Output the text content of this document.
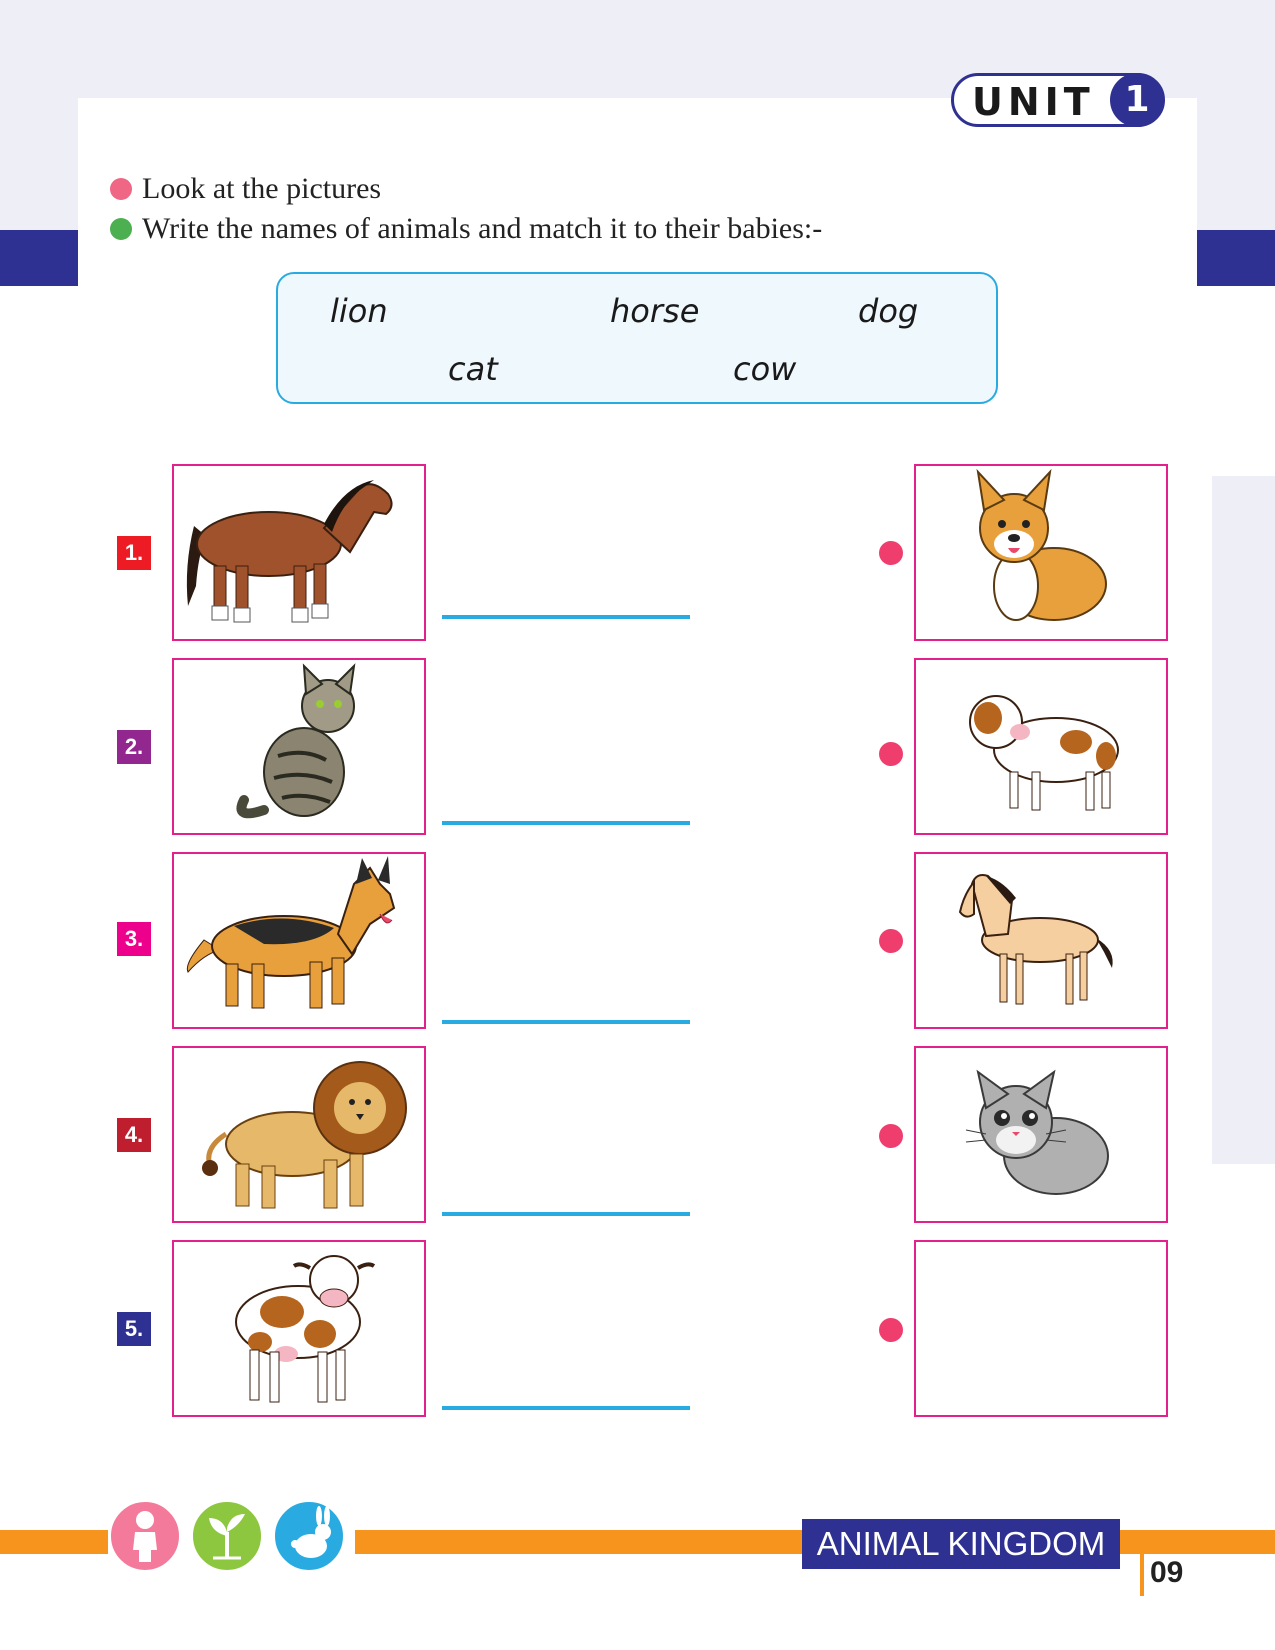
UNIT 1
Look at the pictures
Write the names of animals and match it to their babies:-
lion	horse	dog
cat	cow
1.
2.
3.
4.
5.
ANIMAL KINGDOM
09
